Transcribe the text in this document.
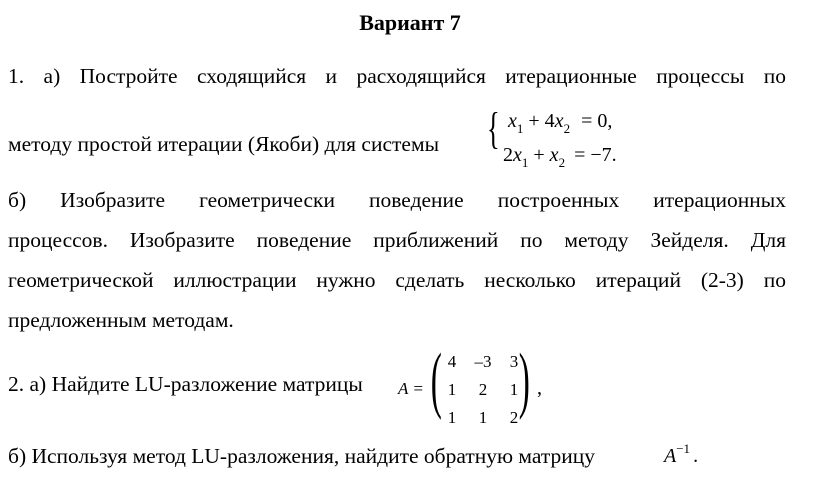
Вариант 7
1. а) Постройте сходящийся и расходящийся итерационные процессы по
методу простой итерации (Якоби) для системы { $x_1 + 4x_2 = 0$,
$2x_1 + x_2 = -7$.
б) Изобразите геометрически поведение построенных итерационных
процессов. Изобразите поведение приближений по методу Зейделя. Для
геометрической иллюстрации нужно сделать несколько итераций (2-3) по
предложенным методам.
2. а) Найдите LU-разложение матрицы A = ( )
4	–3	3
1	2	1
1	1	2
,
б) Используя метод LU-разложения, найдите обратную матрицу	$A^{-1}$ .
